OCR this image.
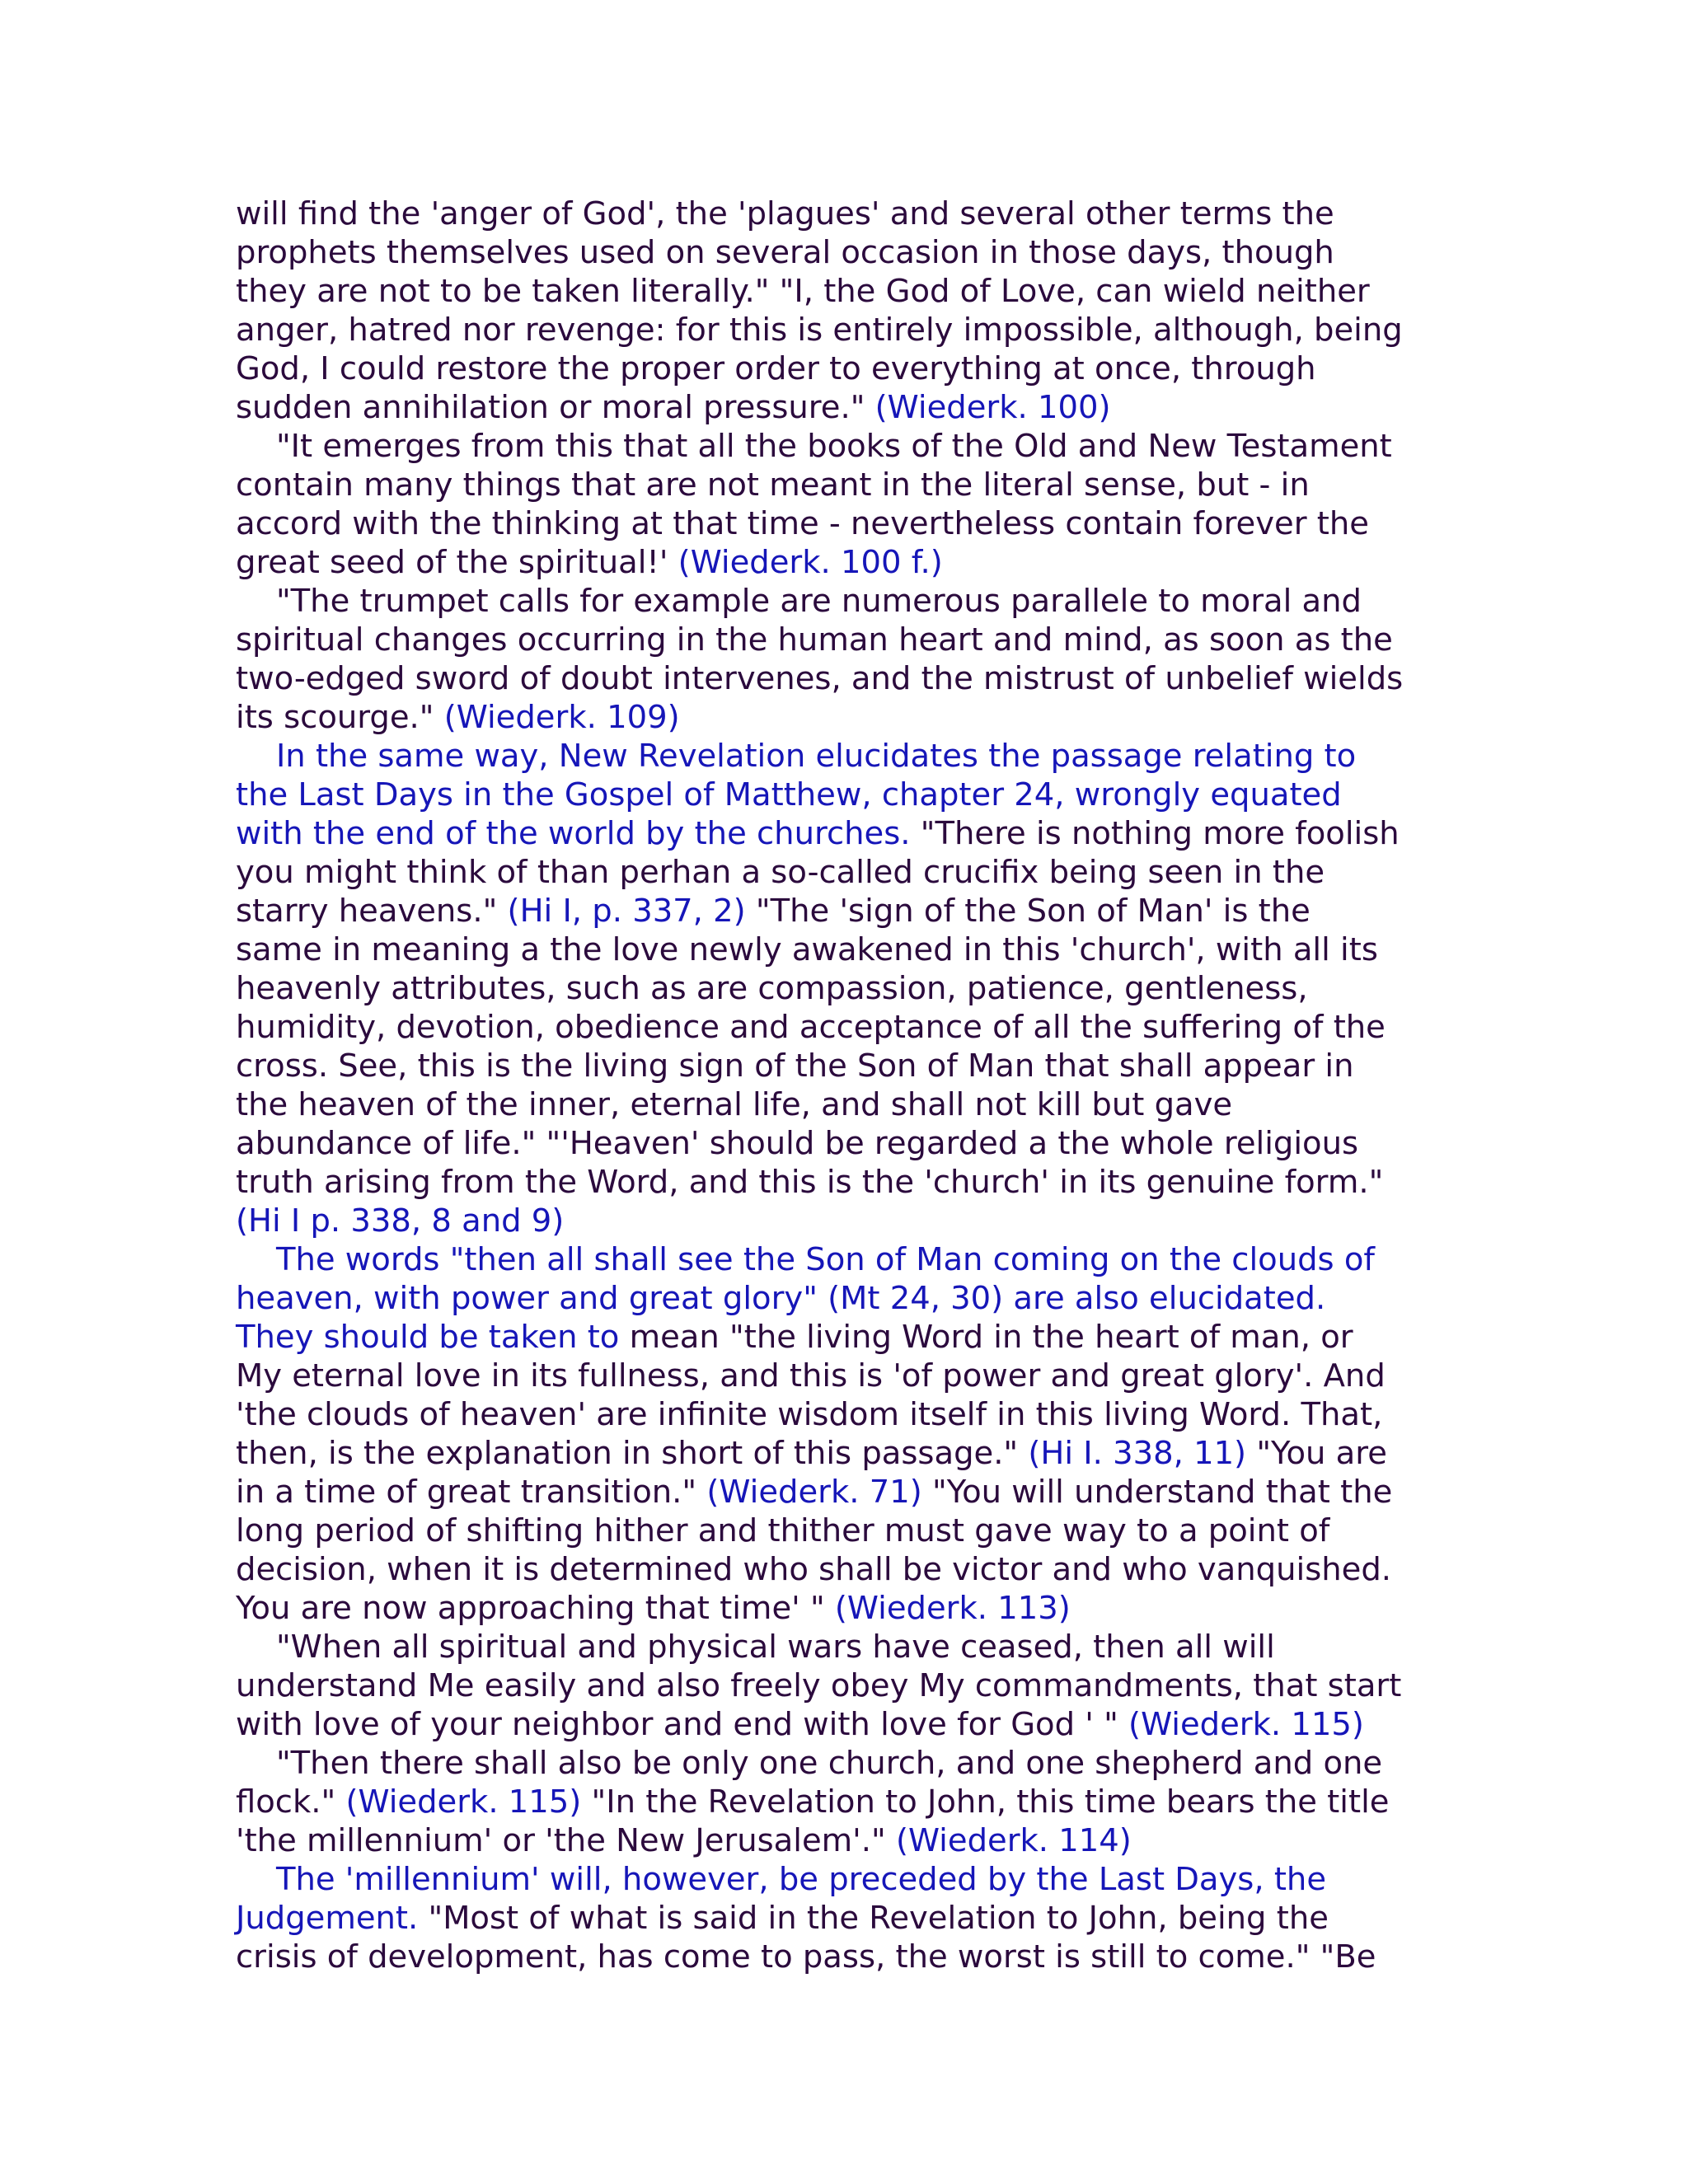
will find the 'anger of God', the 'plagues' and several other terms the
prophets themselves used on several occasion in those days, though
they are not to be taken literally." "I, the God of Love, can wield neither
anger, hatred nor revenge: for this is entirely impossible, although, being
God, I could restore the proper order to everything at once, through
sudden annihilation or moral pressure." (Wiederk. 100)
"It emerges from this that all the books of the Old and New Testament
contain many things that are not meant in the literal sense, but - in
accord with the thinking at that time - nevertheless contain forever the
great seed of the spiritual!' (Wiederk. 100 f.)
"The trumpet calls for example are numerous parallele to moral and
spiritual changes occurring in the human heart and mind, as soon as the
two-edged sword of doubt intervenes, and the mistrust of unbelief wields
its scourge." (Wiederk. 109)
In the same way, New Revelation elucidates the passage relating to
the Last Days in the Gospel of Matthew, chapter 24, wrongly equated
with the end of the world by the churches. "There is nothing more foolish
you might think of than perhan a so-called crucifix being seen in the
starry heavens." (Hi I, p. 337, 2) "The 'sign of the Son of Man' is the
same in meaning a the love newly awakened in this 'church', with all its
heavenly attributes, such as are compassion, patience, gentleness,
humidity, devotion, obedience and acceptance of all the suffering of the
cross. See, this is the living sign of the Son of Man that shall appear in
the heaven of the inner, eternal life, and shall not kill but gave
abundance of life." "'Heaven' should be regarded a the whole religious
truth arising from the Word, and this is the 'church' in its genuine form."
(Hi I p. 338, 8 and 9)
The words "then all shall see the Son of Man coming on the clouds of
heaven, with power and great glory" (Mt 24, 30) are also elucidated.
They should be taken to mean "the living Word in the heart of man, or
My eternal love in its fullness, and this is 'of power and great glory'. And
'the clouds of heaven' are infinite wisdom itself in this living Word. That,
then, is the explanation in short of this passage." (Hi I. 338, 11) "You are
in a time of great transition." (Wiederk. 71) "You will understand that the
long period of shifting hither and thither must gave way to a point of
decision, when it is determined who shall be victor and who vanquished.
You are now approaching that time' " (Wiederk. 113)
"When all spiritual and physical wars have ceased, then all will
understand Me easily and also freely obey My commandments, that start
with love of your neighbor and end with love for God ' " (Wiederk. 115)
"Then there shall also be only one church, and one shepherd and one
flock." (Wiederk. 115) "In the Revelation to John, this time bears the title
'the millennium' or 'the New Jerusalem'." (Wiederk. 114)
The 'millennium' will, however, be preceded by the Last Days, the
Judgement. "Most of what is said in the Revelation to John, being the
crisis of development, has come to pass, the worst is still to come." "Be
